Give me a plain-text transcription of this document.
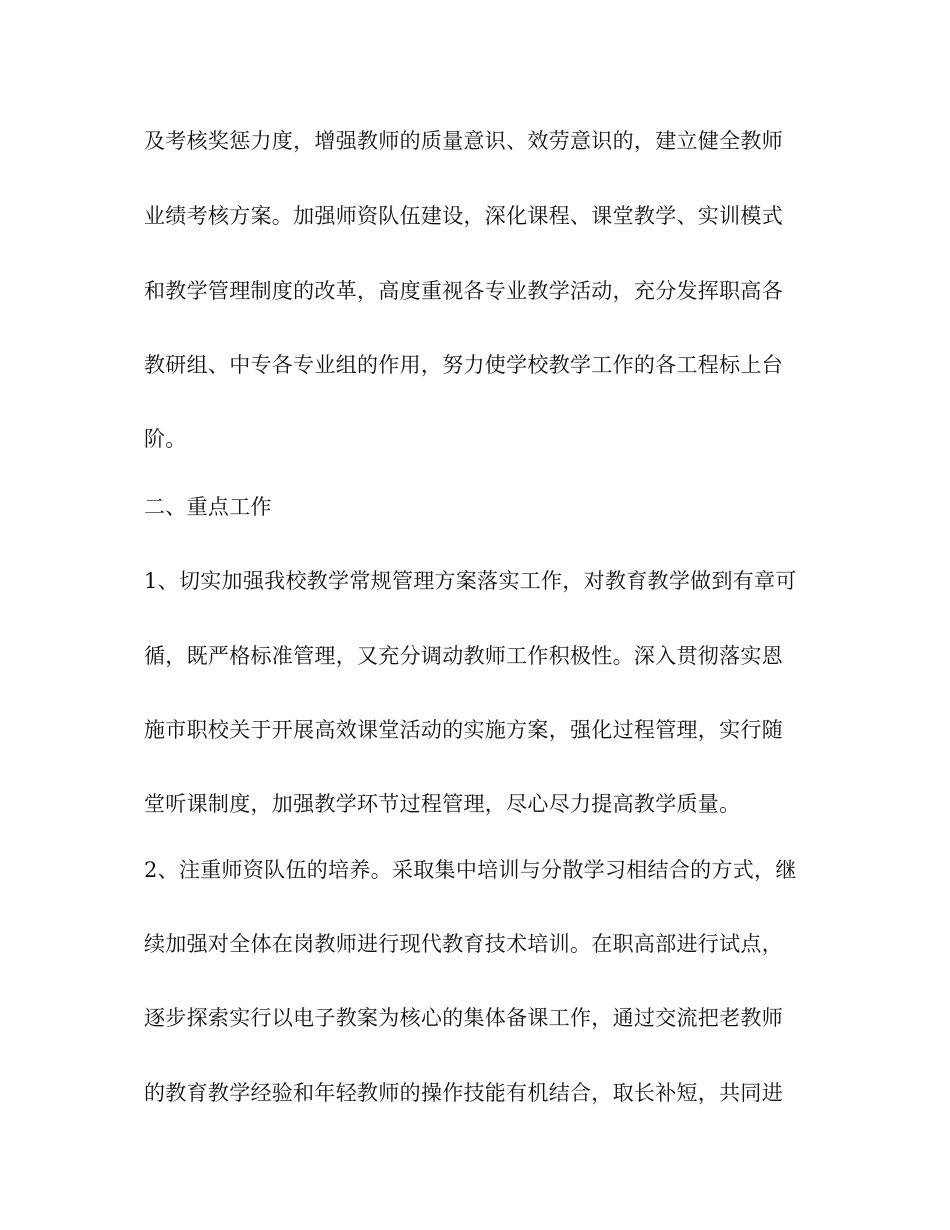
及考核奖惩力度，增强教师的质量意识、效劳意识的，建立健全教师
业绩考核方案。加强师资队伍建设，深化课程、课堂教学、实训模式
和教学管理制度的改革，高度重视各专业教学活动，充分发挥职高各
教研组、中专各专业组的作用，努力使学校教学工作的各工程标上台
阶。
二、重点工作
1、切实加强我校教学常规管理方案落实工作，对教育教学做到有章可
循，既严格标准管理，又充分调动教师工作积极性。深入贯彻落实恩
施市职校关于开展高效课堂活动的实施方案，强化过程管理，实行随
堂听课制度，加强教学环节过程管理，尽心尽力提高教学质量。
2、注重师资队伍的培养。采取集中培训与分散学习相结合的方式，继
续加强对全体在岗教师进行现代教育技术培训。在职高部进行试点，
逐步探索实行以电子教案为核心的集体备课工作，通过交流把老教师
的教育教学经验和年轻教师的操作技能有机结合，取长补短，共同进
